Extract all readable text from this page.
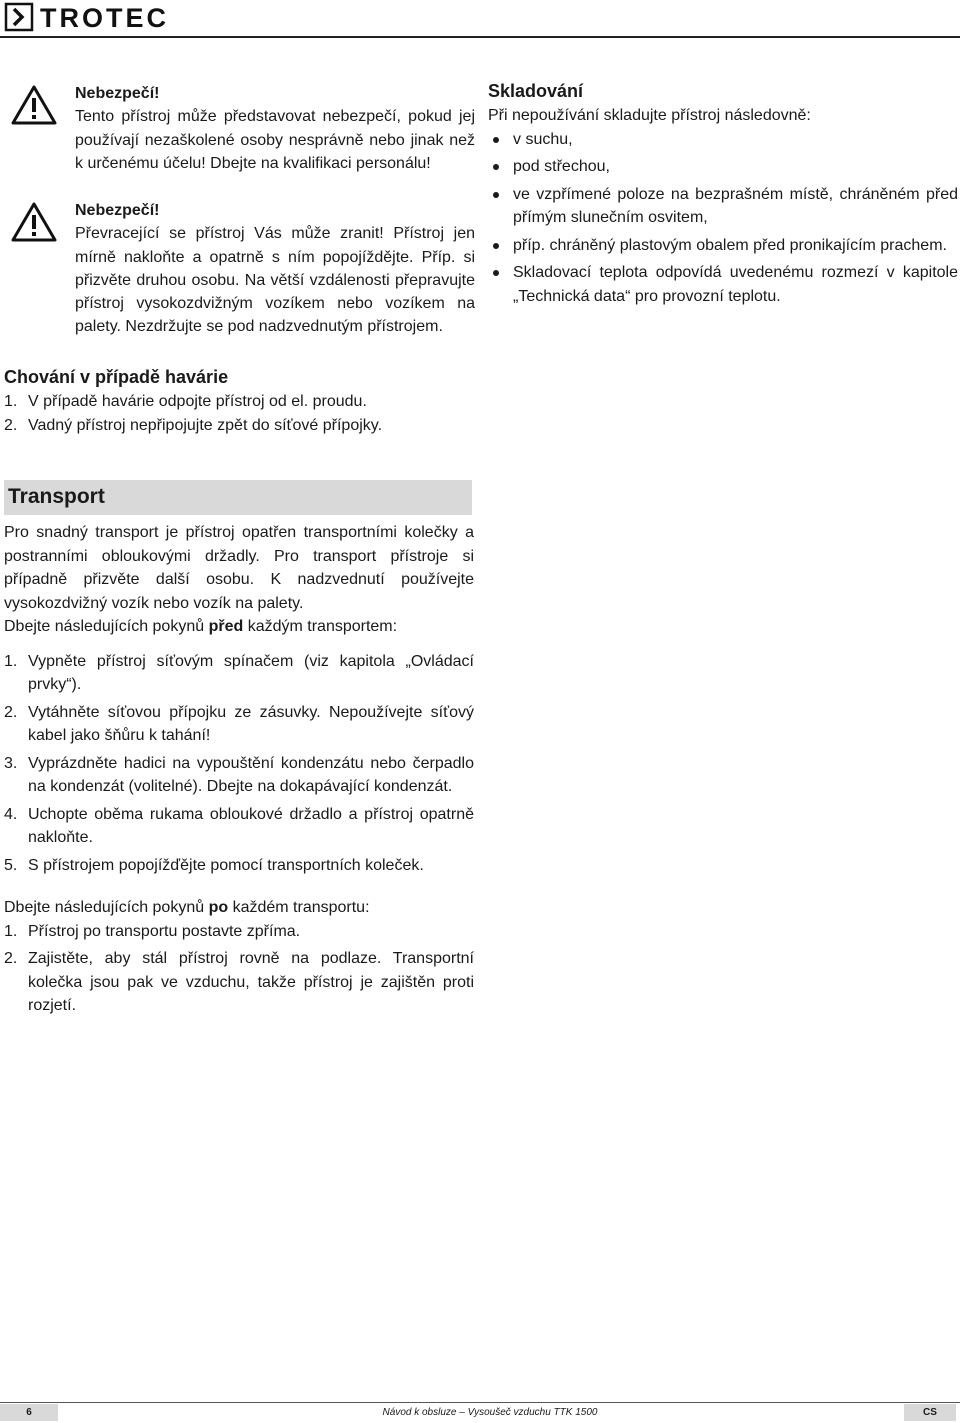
TROTEC
Nebezpečí!
Tento přístroj může představovat nebezpečí, pokud jej používají nezaškolené osoby nesprávně nebo jinak než k určenému účelu! Dbejte na kvalifikaci personálu!
Nebezpečí!
Převracející se přístroj Vás může zranit! Přístroj jen mírně nakloňte a opatrně s ním popojíždějte. Příp. si přizvěte druhou osobu. Na větší vzdálenosti přepravujte přístroj vysokozdvižným vozíkem nebo vozíkem na palety. Nezdržujte se pod nadzvednutým přístrojem.
Chování v případě havárie
1. V případě havárie odpojte přístroj od el. proudu.
2. Vadný přístroj nepřipojujte zpět do síťové přípojky.
Transport
Pro snadný transport je přístroj opatřen transportními kolečky a postranními obloukovými držadly. Pro transport přístroje si případně přizvěte další osobu. K nadzvednutí používejte vysokozdvižný vozík nebo vozík na palety.
Dbejte následujících pokynů před každým transportem:
1. Vypněte přístroj síťovým spínačem (viz kapitola „Ovládací prvky“).
2. Vytáhněte síťovou přípojku ze zásuvky. Nepoužívejte síťový kabel jako šňůru k tahání!
3. Vyprázdněte hadici na vypouštění kondenzátu nebo čerpadlo na kondenzát (volitelné). Dbejte na dokapávající kondenzát.
4. Uchopte oběma rukama obloukové držadlo a přístroj opatrně nakloňte.
5. S přístrojem popojížďějte pomocí transportních koleček.
Dbejte následujících pokynů po každém transportu:
1. Přístroj po transportu postavte zpříma.
2. Zajistěte, aby stál přístroj rovně na podlaze. Transportní kolečka jsou pak ve vzduchu, takže přístroj je zajištěn proti rozjetí.
Skladování
Při nepoužívání skladujte přístroj následovně:
v suchu,
pod střechou,
ve vzpřímené poloze na bezprašném místě, chráněném před přímým slunečním osvitem,
příp. chráněný plastovým obalem před pronikajícím prachem.
Skladovací teplota odpovídá uvedenému rozmezí v kapitole „Technická data“ pro provozní teplotu.
6	Návod k obsluze – Vysoušeč vzduchu TTK 1500	CS
